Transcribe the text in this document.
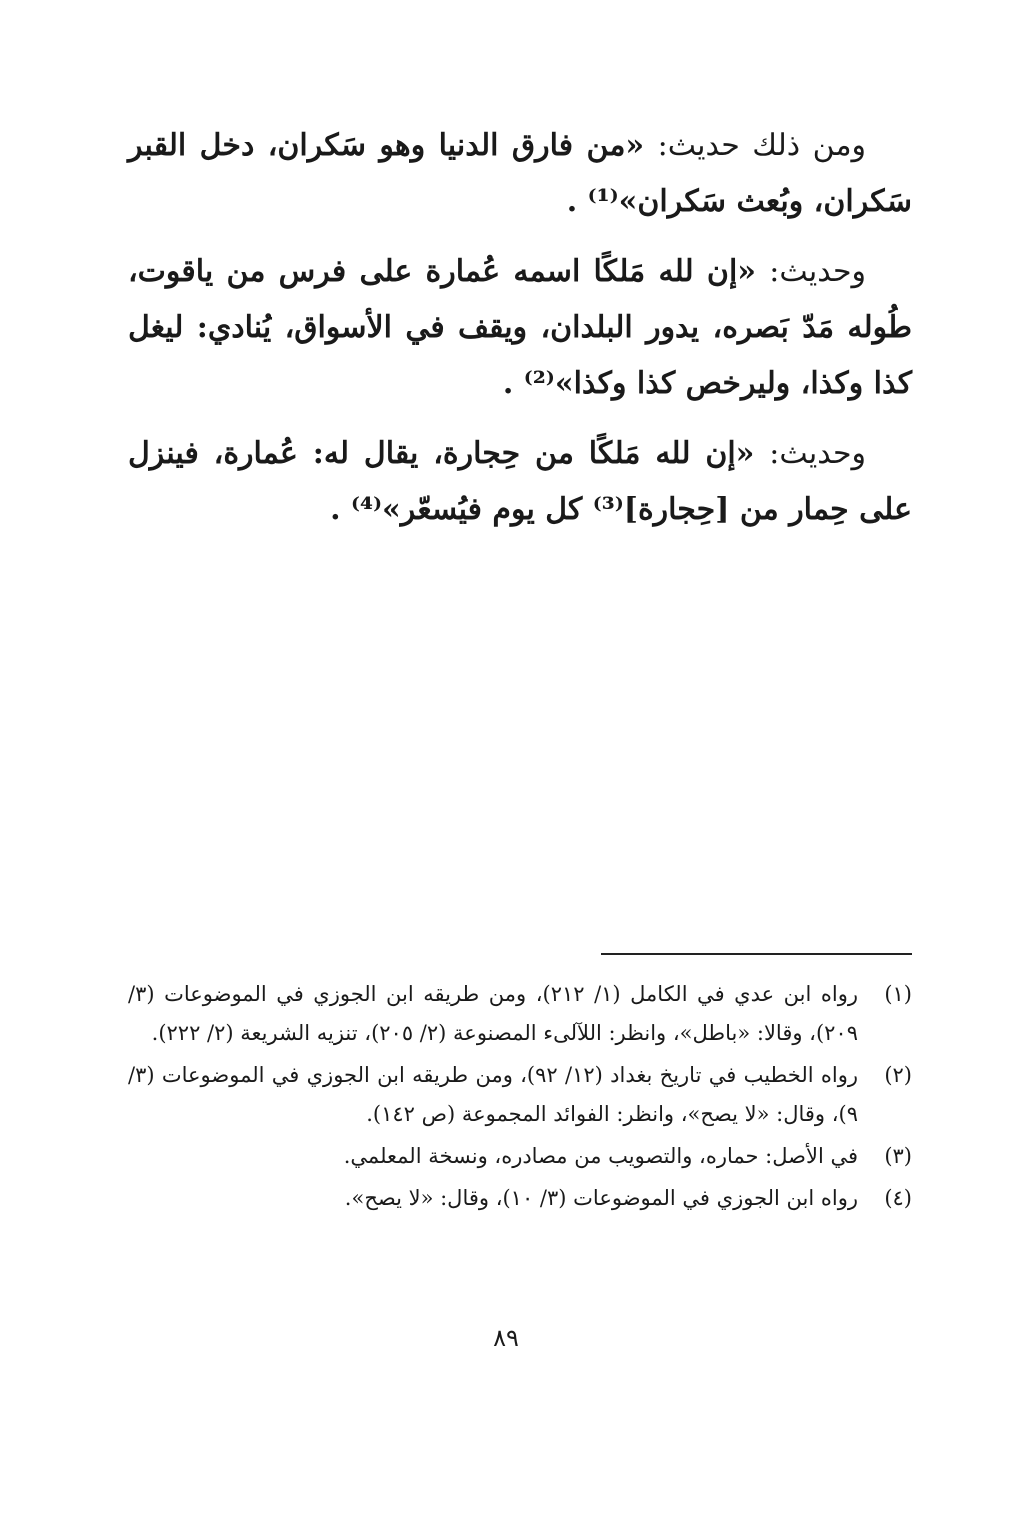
ومن ذلك حديث: «من فارق الدنيا وهو سَكران، دخل القبر سَكران، وبُعث سَكران»⁽¹⁾ .

وحديث: «إن لله مَلكًا اسمه عُمارة على فرس من ياقوت، طُوله مَدّ بَصره، يدور البلدان، ويقف في الأسواق، يُنادي: ليغل كذا وكذا، وليرخص كذا وكذا»⁽²⁾ .

وحديث: «إن لله مَلكًا من حِجارة، يقال له: عُمارة، فينزل على حِمار من [حِجارة]⁽³⁾ كل يوم فيُسعّر»⁽⁴⁾ .

(١)
رواه ابن عدي في الكامل (١/ ٢١٢)، ومن طريقه ابن الجوزي في الموضوعات (٣/ ٢٠٩)، وقالا: «باطل»، وانظر: اللآلىء المصنوعة (٢/ ٢٠٥)، تنزيه الشريعة (٢/ ٢٢٢).
(٢)
رواه الخطيب في تاريخ بغداد (١٢/ ٩٢)، ومن طريقه ابن الجوزي في الموضوعات (٣/ ٩)، وقال: «لا يصح»، وانظر: الفوائد المجموعة (ص ١٤٢).
(٣)
في الأصل: حماره، والتصويب من مصادره، ونسخة المعلمي.
(٤)
رواه ابن الجوزي في الموضوعات (٣/ ١٠)، وقال: «لا يصح».
٨٩
